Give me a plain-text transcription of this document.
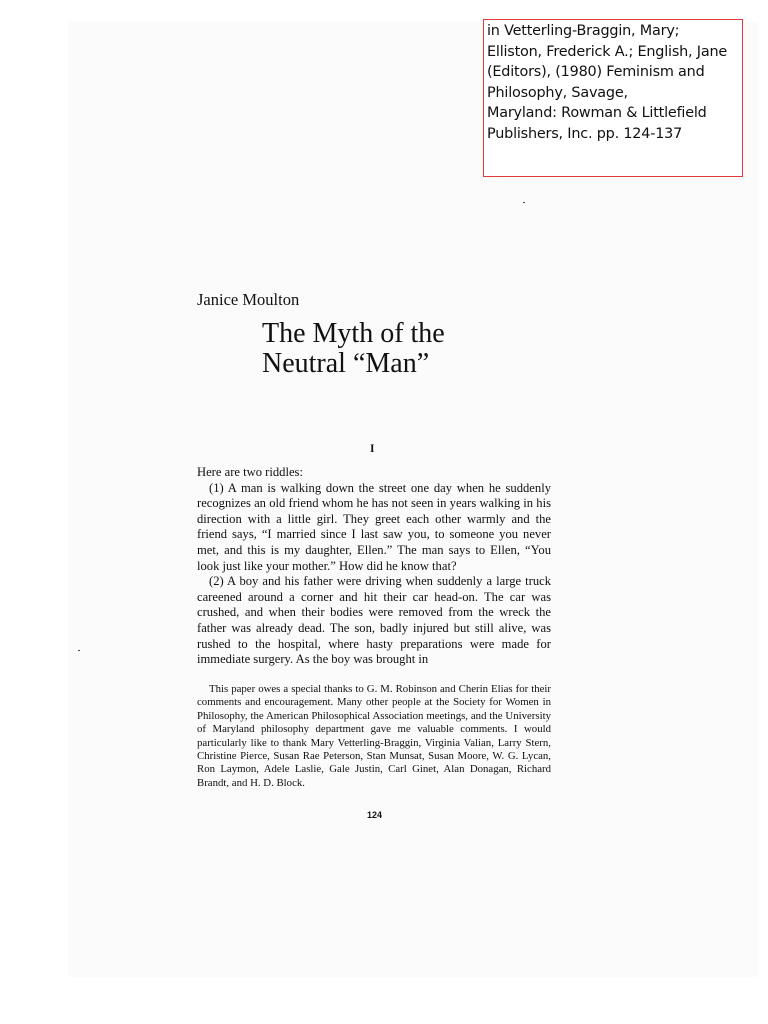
in Vetterling-Braggin, Mary;
Elliston, Frederick A.; English, Jane
(Editors), (1980) Feminism and
Philosophy, Savage,
Maryland: Rowman & Littlefield
Publishers, Inc. pp. 124-137
Janice Moulton
The Myth of the
Neutral “Man”
I

Here are two riddles:

(1) A man is walking down the street one day when he suddenly recognizes an old friend whom he has not seen in years walking in his direction with a little girl. They greet each other warmly and the friend says, “I married since I last saw you, to someone you never met, and this is my daughter, Ellen.” The man says to Ellen, “You look just like your mother.” How did he know that?

(2) A boy and his father were driving when suddenly a large truck careened around a corner and hit their car head-on. The car was crushed, and when their bodies were removed from the wreck the father was already dead. The son, badly injured but still alive, was rushed to the hospital, where hasty preparations were made for immediate surgery. As the boy was brought in

This paper owes a special thanks to G. M. Robinson and Cherin Elias for their comments and encouragement. Many other people at the Society for Women in Philosophy, the American Philosophical Association meetings, and the University of Maryland philosophy department gave me valuable comments. I would particularly like to thank Mary Vetterling-Braggin, Virginia Valian, Larry Stern, Christine Pierce, Susan Rae Peterson, Stan Munsat, Susan Moore, W. G. Lycan, Ron Laymon, Adele Laslie, Gale Justin, Carl Ginet, Alan Donagan, Richard Brandt, and H. D. Block.
124
